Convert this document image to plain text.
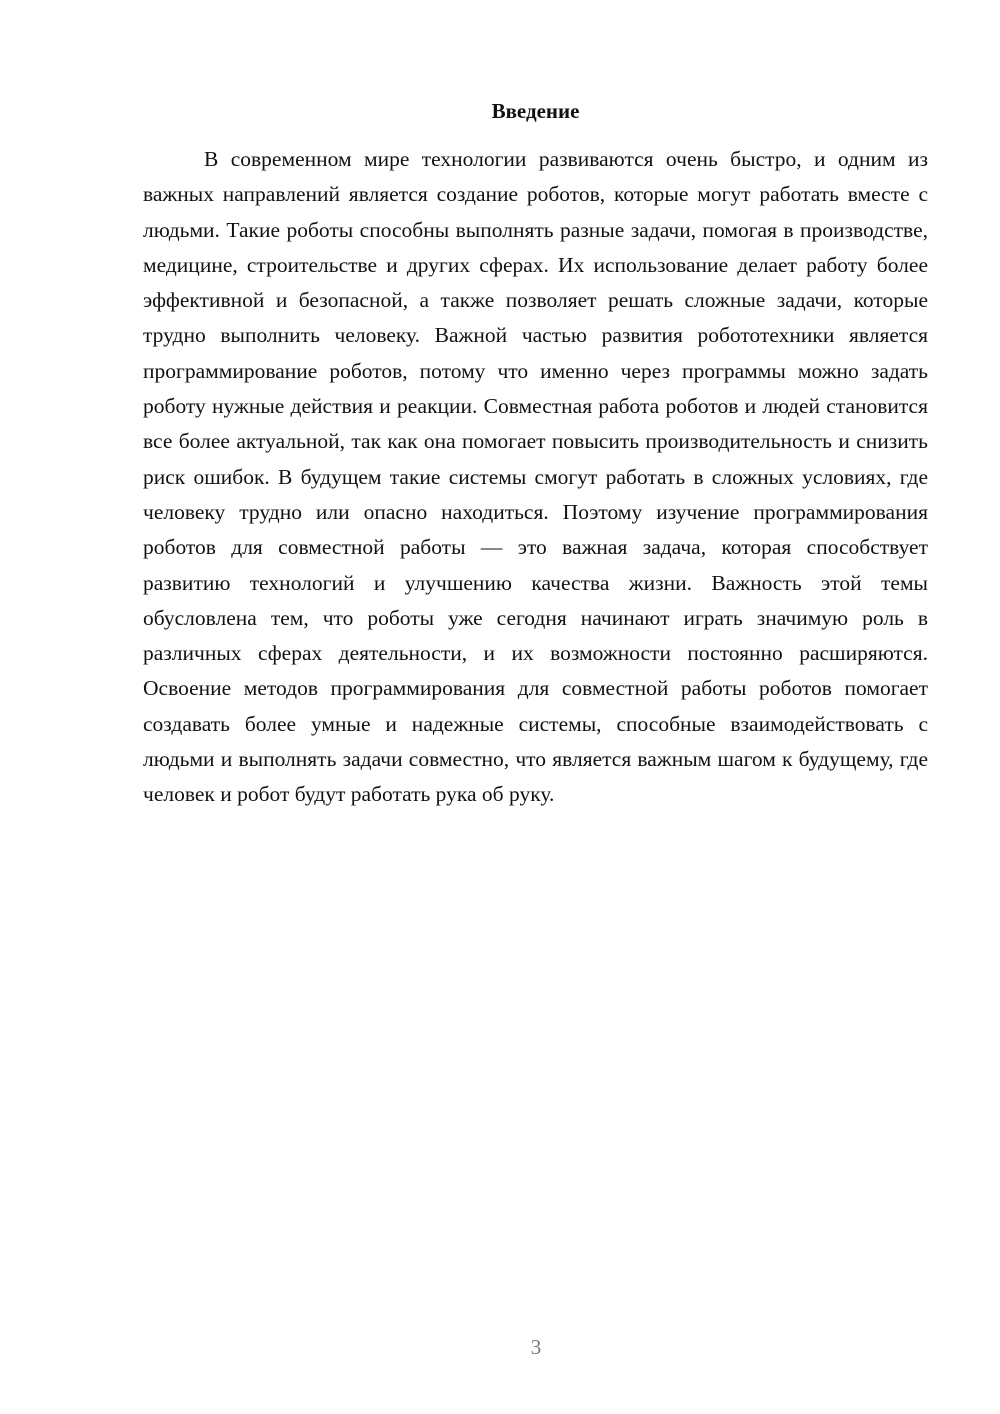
Введение

В современном мире технологии развиваются очень быстро, и одним из важных направлений является создание роботов, которые могут работать вместе с людьми. Такие роботы способны выполнять разные задачи, помогая в производстве, медицине, строительстве и других сферах. Их использование делает работу более эффективной и безопасной, а также позволяет решать сложные задачи, которые трудно выполнить человеку. Важной частью развития робототехники является программирование роботов, потому что именно через программы можно задать роботу нужные действия и реакции. Совместная работа роботов и людей становится все более актуальной, так как она помогает повысить производительность и снизить риск ошибок. В будущем такие системы смогут работать в сложных условиях, где человеку трудно или опасно находиться. Поэтому изучение программирования роботов для совместной работы — это важная задача, которая способствует развитию технологий и улучшению качества жизни. Важность этой темы обусловлена тем, что роботы уже сегодня начинают играть значимую роль в различных сферах деятельности, и их возможности постоянно расширяются. Освоение методов программирования для совместной работы роботов помогает создавать более умные и надежные системы, способные взаимодействовать с людьми и выполнять задачи совместно, что является важным шагом к будущему, где человек и робот будут работать рука об руку.

3
